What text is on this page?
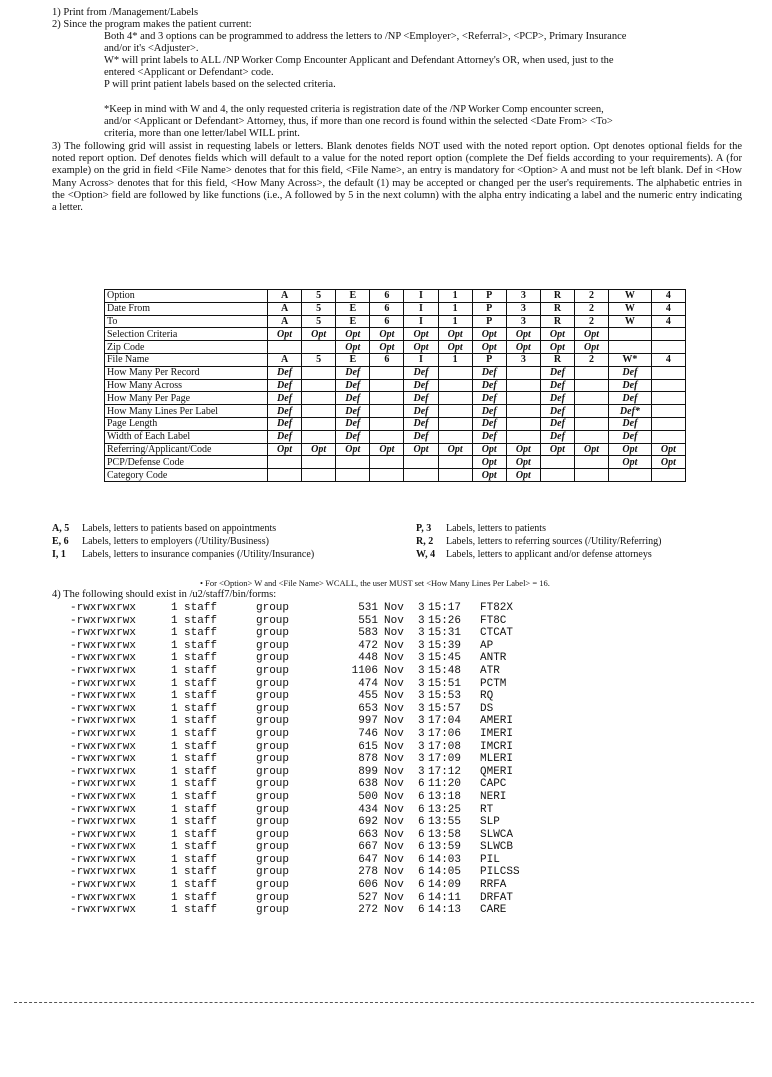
1) Print from /Management/Labels
2) Since the program makes the patient current:
Both 4* and 3 options can be programmed to address the letters to /NP <Employer>, <Referral>, <PCP>, Primary Insurance
and/or it's <Adjuster>.
W* will print labels to ALL /NP Worker Comp Encounter Applicant and Defendant Attorney's OR, when used, just to the
entered <Applicant or Defendant> code.
P will print patient labels based on the selected criteria.
*Keep in mind with W and 4, the only requested criteria is registration date of the /NP Worker Comp encounter screen,
and/or <Applicant or Defendant> Attorney, thus, if more than one record is found within the selected <Date From> <To>
criteria, more than one letter/label WILL print.
3) The following grid will assist in requesting labels or letters. Blank denotes fields NOT used with the noted report option. Opt denotes optional fields for the noted report option. Def denotes fields which will default to a value for the noted report option (complete the Def fields according to your requirements). A (for example) on the grid in field <File Name> denotes that for this field, <File Name>, an entry is mandatory for <Option> A and must not be left blank. Def in <How Many Across> denotes that for this field, <How Many Across>, the default (1) may be accepted or changed per the user's requirements. The alphabetic entries in the <Option> field are followed by like functions (i.e., A followed by 5 in the next column) with the alpha entry indicating a label and the numeric entry indicating a letter.
Option	A	5	E	6	I	1	P	3	R	2	W	4
Date From	A	5	E	6	I	1	P	3	R	2	W	4
To	A	5	E	6	I	1	P	3	R	2	W	4
Selection Criteria	Opt	Opt	Opt	Opt	Opt	Opt	Opt	Opt	Opt	Opt		
Zip Code			Opt	Opt	Opt	Opt	Opt	Opt	Opt	Opt		
File Name	A	5	E	6	I	1	P	3	R	2	W*	4
How Many Per Record	Def		Def		Def		Def		Def		Def	
How Many Across	Def		Def		Def		Def		Def		Def	
How Many Per Page	Def		Def		Def		Def		Def		Def	
How Many Lines Per Label	Def		Def		Def		Def		Def		Def*	
Page Length	Def		Def		Def		Def		Def		Def	
Width of Each Label	Def		Def		Def		Def		Def		Def	
Referring/Applicant/Code	Opt	Opt	Opt	Opt	Opt	Opt	Opt	Opt	Opt	Opt	Opt	Opt
PCP/Defense Code							Opt	Opt			Opt	Opt
Category Code							Opt	Opt				
A, 5 Labels, letters to patients based on appointments
E, 6 Labels, letters to employers (/Utility/Business)
I, 1 Labels, letters to insurance companies (/Utility/Insurance)
P, 3 Labels, letters to patients
R, 2 Labels, letters to referring sources (/Utility/Referring)
W, 4 Labels, letters to applicant and/or defense attorneys
• For <Option> W and <File Name> WCALL, the user MUST set <How Many Lines Per Label> = 16.
4) The following should exist in /u2/staff7/bin/forms:
-rwxrwxrwx	1 staff	group	531 Nov 3 15:17 FT82X
-rwxrwxrwx	1 staff	group	551 Nov 3 15:26 FT8C
-rwxrwxrwx	1 staff	group	583 Nov 3 15:31 CTCAT
-rwxrwxrwx	1 staff	group	472 Nov 3 15:39 AP
-rwxrwxrwx	1 staff	group	448 Nov 3 15:45 ANTR
-rwxrwxrwx	1 staff	group	1106 Nov 3 15:48 ATR
-rwxrwxrwx	1 staff	group	474 Nov 3 15:51 PCTM
-rwxrwxrwx	1 staff	group	455 Nov 3 15:53 RQ
-rwxrwxrwx	1 staff	group	653 Nov 3 15:57 DS
-rwxrwxrwx	1 staff	group	997 Nov 3 17:04 AMERI
-rwxrwxrwx	1 staff	group	746 Nov 3 17:06 IMERI
-rwxrwxrwx	1 staff	group	615 Nov 3 17:08 IMCRI
-rwxrwxrwx	1 staff	group	878 Nov 3 17:09 MLERI
-rwxrwxrwx	1 staff	group	899 Nov 3 17:12 QMERI
-rwxrwxrwx	1 staff	group	638 Nov 6 11:20 CAPC
-rwxrwxrwx	1 staff	group	500 Nov 6 13:18 NERI
-rwxrwxrwx	1 staff	group	434 Nov 6 13:25 RT
-rwxrwxrwx	1 staff	group	692 Nov 6 13:55 SLP
-rwxrwxrwx	1 staff	group	663 Nov 6 13:58 SLWCA
-rwxrwxrwx	1 staff	group	667 Nov 6 13:59 SLWCB
-rwxrwxrwx	1 staff	group	647 Nov 6 14:03 PIL
-rwxrwxrwx	1 staff	group	278 Nov 6 14:05 PILCSS
-rwxrwxrwx	1 staff	group	606 Nov 6 14:09 RRFA
-rwxrwxrwx	1 staff	group	527 Nov 6 14:11 DRFAT
-rwxrwxrwx	1 staff	group	272 Nov 6 14:13 CARE
